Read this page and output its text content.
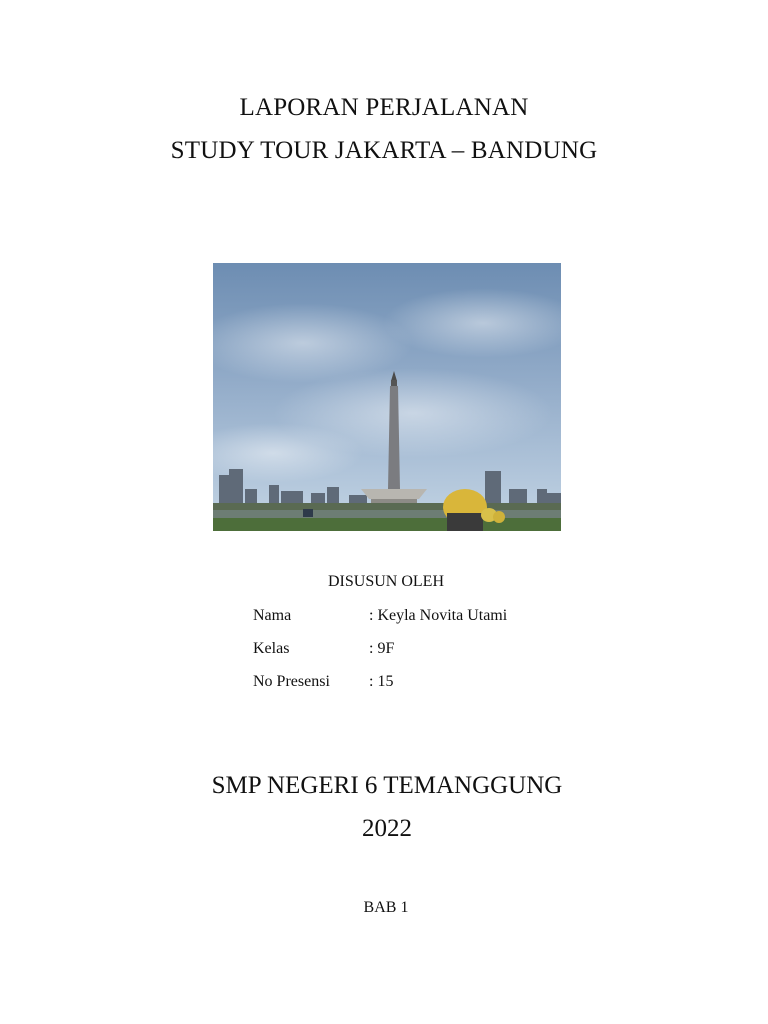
LAPORAN PERJALANAN
STUDY TOUR JAKARTA – BANDUNG
DISUSUN OLEH
Nama	: Keyla Novita Utami
Kelas	: 9F
No Presensi : 15
SMP NEGERI 6 TEMANGGUNG
2022
BAB 1
